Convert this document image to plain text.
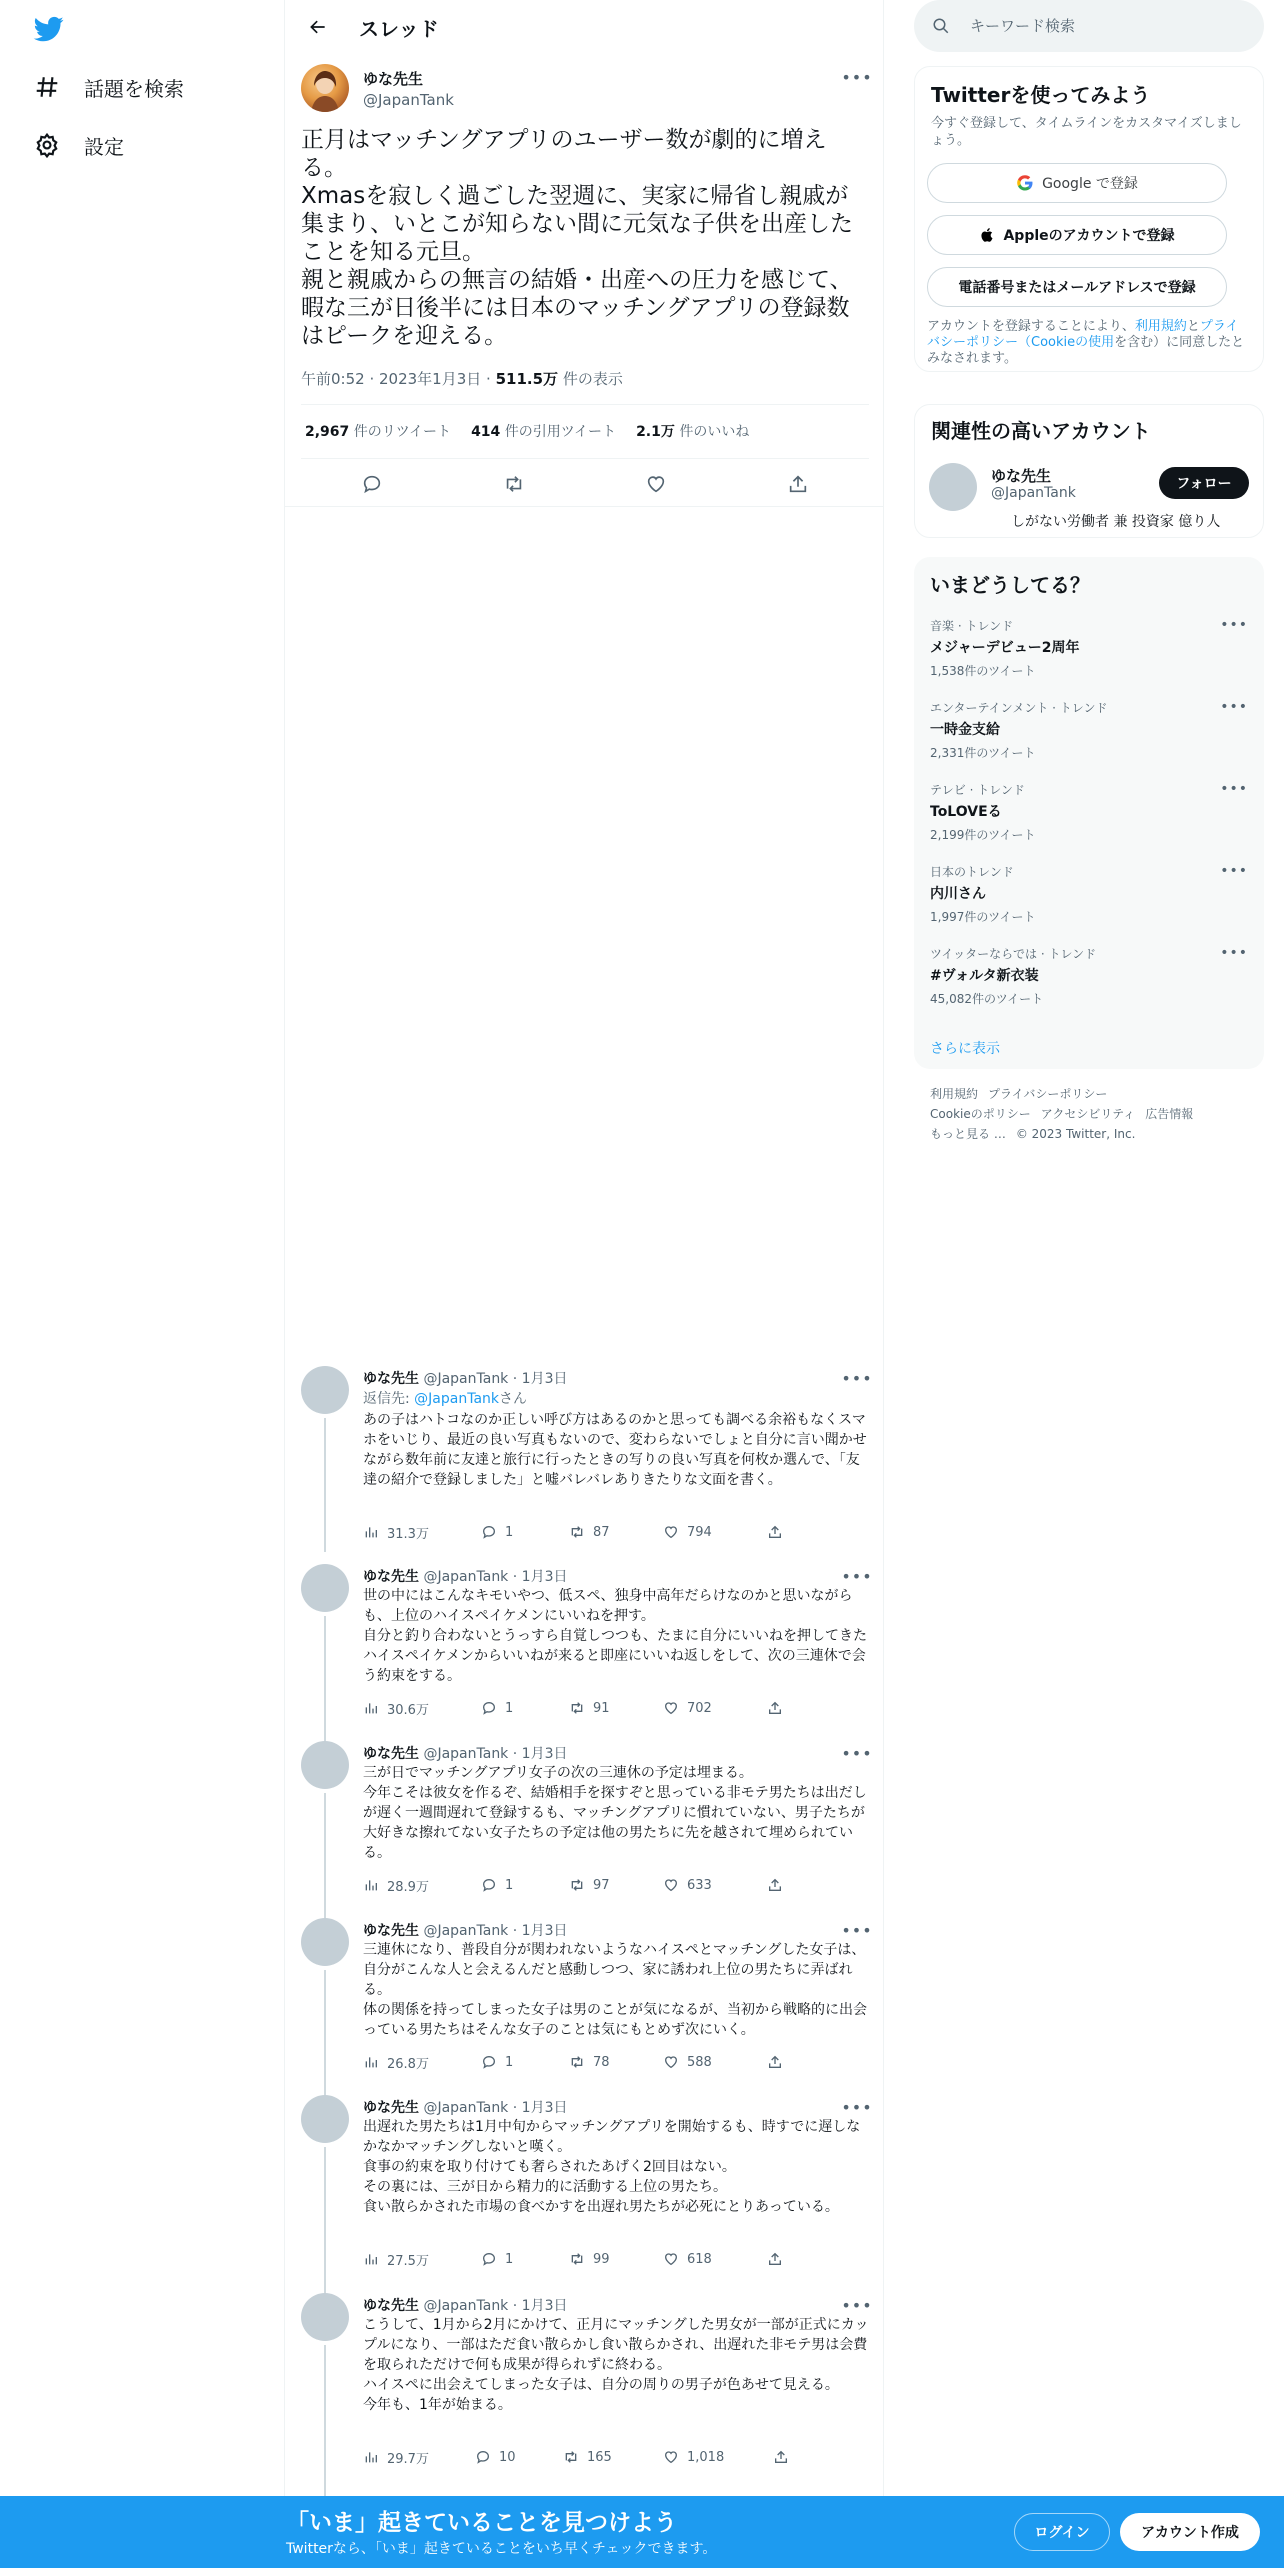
話題を検索
設定
スレッド
ゆな先生
@JapanTank
•••
正月はマッチングアプリのユーザー数が劇的に増える。
Xmasを寂しく過ごした翌週に、実家に帰省し親戚が集まり、いとこが知らない間に元気な子供を出産したことを知る元旦。
親と親戚からの無言の結婚・出産への圧力を感じて、暇な三が日後半には日本のマッチングアプリの登録数はピークを迎える。
午前0:52 · 2023年1月3日 · 511.5万 件の表示
2,967 件のリツイート 414 件の引用ツイート 2.1万 件のいいね
ゆな先生 @JapanTank · 1月3日	•••
返信先: @JapanTankさん
あの子はハトコなのか正しい呼び方はあるのかと思っても調べる余裕もなくスマホをいじり、最近の良い写真もないので、変わらないでしょと自分に言い聞かせながら数年前に友達と旅行に行ったときの写りの良い写真を何枚か選んで、「友達の紹介で登録しました」と嘘バレバレありきたりな文面を書く。
31.3万	1	87	794
ゆな先生 @JapanTank · 1月3日	•••
世の中にはこんなキモいやつ、低スペ、独身中高年だらけなのかと思いながらも、上位のハイスペイケメンにいいねを押す。
自分と釣り合わないとうっすら自覚しつつも、たまに自分にいいねを押してきたハイスペイケメンからいいねが来ると即座にいいね返しをして、次の三連休で会う約束をする。
30.6万	1	91	702
ゆな先生 @JapanTank · 1月3日	•••
三が日でマッチングアプリ女子の次の三連休の予定は埋まる。
今年こそは彼女を作るぞ、結婚相手を探すぞと思っている非モテ男たちは出だしが遅く一週間遅れて登録するも、マッチングアプリに慣れていない、男子たちが大好きな擦れてない女子たちの予定は他の男たちに先を越されて埋められている。
28.9万	1	97	633
ゆな先生 @JapanTank · 1月3日	•••
三連休になり、普段自分が関われないようなハイスペとマッチングした女子は、自分がこんな人と会えるんだと感動しつつ、家に誘われ上位の男たちに弄ばれる。
体の関係を持ってしまった女子は男のことが気になるが、当初から戦略的に出会っている男たちはそんな女子のことは気にもとめず次にいく。
26.8万	1	78	588
ゆな先生 @JapanTank · 1月3日	•••
出遅れた男たちは1月中旬からマッチングアプリを開始するも、時すでに遅しなかなかマッチングしないと嘆く。
食事の約束を取り付けても奢らされたあげく2回目はない。
その裏には、三が日から精力的に活動する上位の男たち。
食い散らかされた市場の食べかすを出遅れ男たちが必死にとりあっている。
27.5万	1	99	618
ゆな先生 @JapanTank · 1月3日	•••
こうして、1月から2月にかけて、正月にマッチングした男女が一部が正式にカップルになり、一部はただ食い散らかし食い散らかされ、出遅れた非モテ男は会費を取られただけで何も成果が得られずに終わる。
ハイスペに出会えてしまった女子は、自分の周りの男子が色あせて見える。
今年も、1年が始まる。
29.7万	10	165	1,018
キーワード検索
Twitterを使ってみよう
今すぐ登録して、タイムラインをカスタマイズしましょう。
Google で登録
Appleのアカウントで登録
電話番号またはメールアドレスで登録
アカウントを登録することにより、利用規約とプライバシーポリシー（Cookieの使用を含む）に同意したとみなされます。
関連性の高いアカウント
ゆな先生
@JapanTank
フォロー
しがない労働者 兼 投資家 億り人
いまどうしてる？
音楽 · トレンド
メジャーデビュー2周年
1,538件のツイート
•••
エンターテインメント · トレンド
一時金支給
2,331件のツイート
•••
テレビ · トレンド
ToLOVEる
2,199件のツイート
•••
日本のトレンド
内川さん
1,997件のツイート
•••
ツイッターならでは · トレンド
#ヴォルタ新衣装
45,082件のツイート
•••
さらに表示
利用規約 プライバシーポリシー
Cookieのポリシー アクセシビリティ 広告情報
もっと見る … © 2023 Twitter, Inc.
「いま」起きていることを見つけよう
Twitterなら、「いま」起きていることをいち早くチェックできます。
ログイン	アカウント作成
